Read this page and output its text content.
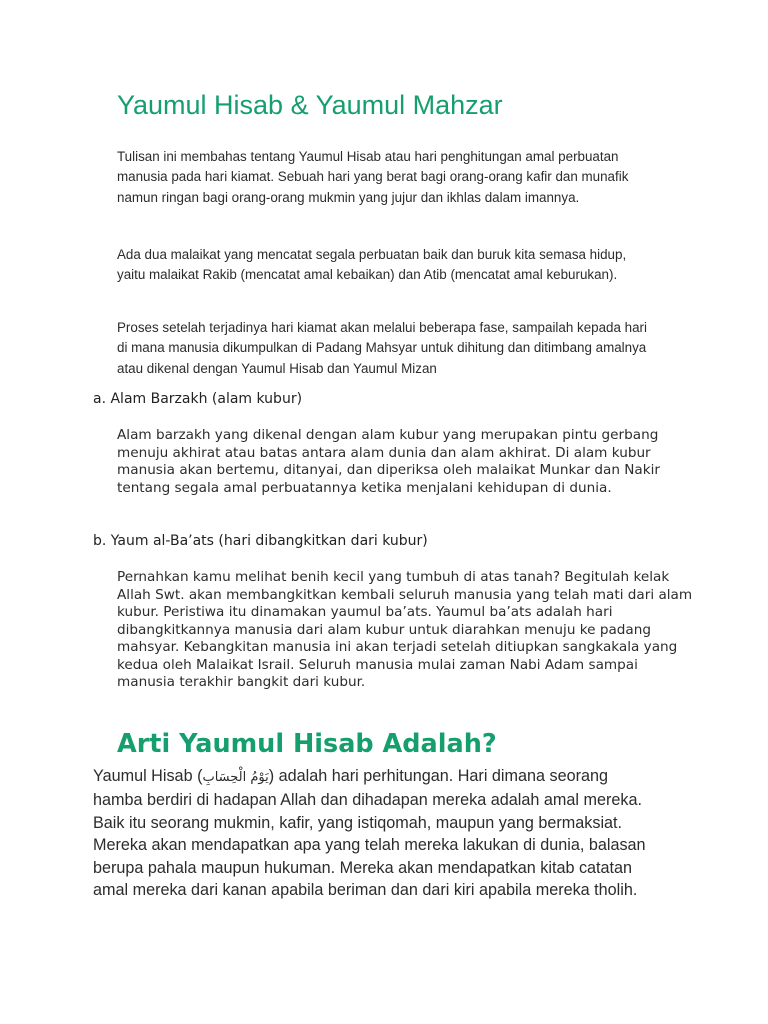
Yaumul Hisab & Yaumul Mahzar

Tulisan ini membahas tentang Yaumul Hisab atau hari penghitungan amal perbuatan manusia pada hari kiamat. Sebuah hari yang berat bagi orang-orang kafir dan munafik namun ringan bagi orang-orang mukmin yang jujur dan ikhlas dalam imannya.

Ada dua malaikat yang mencatat segala perbuatan baik dan buruk kita semasa hidup, yaitu malaikat Rakib (mencatat amal kebaikan) dan Atib (mencatat amal keburukan).

Proses setelah terjadinya hari kiamat akan melalui beberapa fase, sampailah kepada hari di mana manusia dikumpulkan di Padang Mahsyar untuk dihitung dan ditimbang amalnya atau dikenal dengan Yaumul Hisab dan Yaumul Mizan

a. Alam Barzakh (alam kubur)

Alam barzakh yang dikenal dengan alam kubur yang merupakan pintu gerbang menuju akhirat atau batas antara alam dunia dan alam akhirat. Di alam kubur manusia akan bertemu, ditanyai, dan diperiksa oleh malaikat Munkar dan Nakir tentang segala amal perbuatannya ketika menjalani kehidupan di dunia.

b. Yaum al-Ba’ats (hari dibangkitkan dari kubur)

Pernahkan kamu melihat benih kecil yang tumbuh di atas tanah? Begitulah kelak Allah Swt. akan membangkitkan kembali seluruh manusia yang telah mati dari alam kubur. Peristiwa itu dinamakan yaumul ba’ats. Yaumul ba’ats adalah hari dibangkitkannya manusia dari alam kubur untuk diarahkan menuju ke padang mahsyar. Kebangkitan manusia ini akan terjadi setelah ditiupkan sangkakala yang kedua oleh Malaikat Israil. Seluruh manusia mulai zaman Nabi Adam sampai manusia terakhir bangkit dari kubur.

Arti Yaumul Hisab Adalah?

Yaumul Hisab (يَوْمُ الْحِسَابِ) adalah hari perhitungan. Hari dimana seorang hamba berdiri di hadapan Allah dan dihadapan mereka adalah amal mereka. Baik itu seorang mukmin, kafir, yang istiqomah, maupun yang bermaksiat. Mereka akan mendapatkan apa yang telah mereka lakukan di dunia, balasan berupa pahala maupun hukuman. Mereka akan mendapatkan kitab catatan amal mereka dari kanan apabila beriman dan dari kiri apabila mereka tholih.
